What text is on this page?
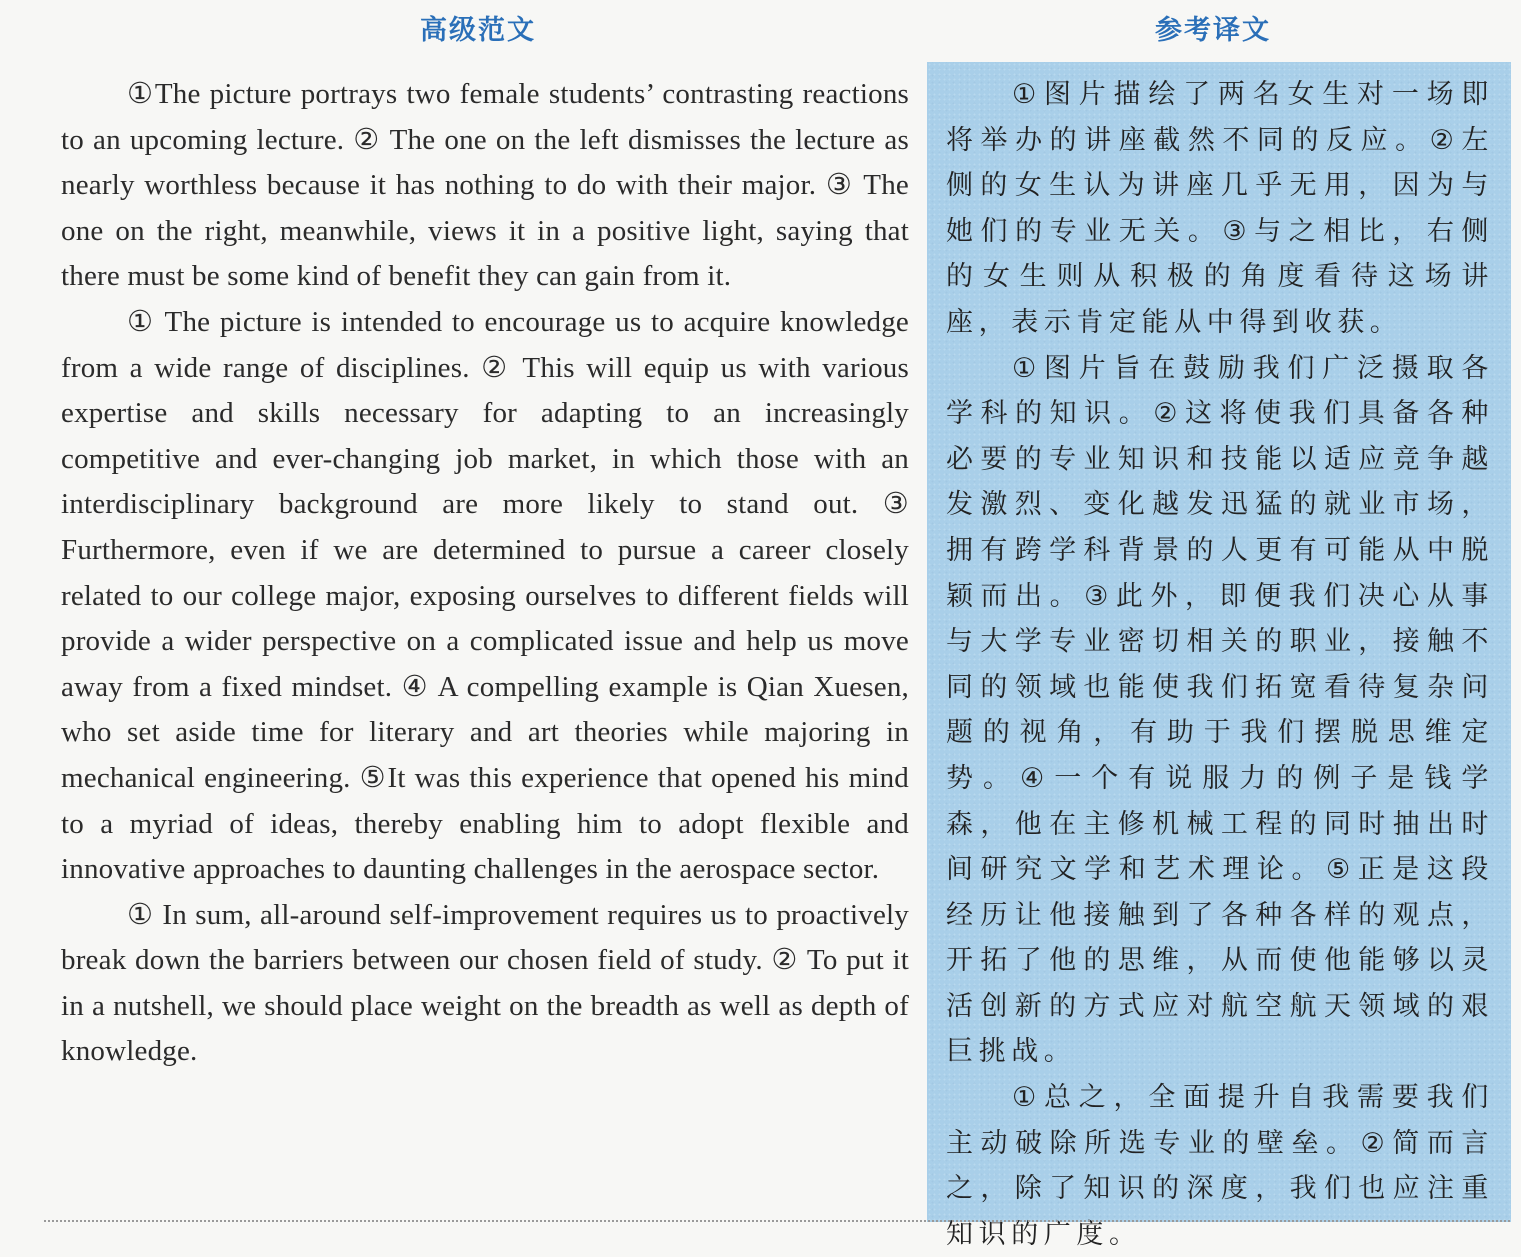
高级范文	参考译文

①The picture portrays two female students’ contrasting reactions to an upcoming lecture. ② The one on the left dismisses the lecture as nearly worthless because it has nothing to do with their major. ③ The one on the right, meanwhile, views it in a positive light, saying that there must be some kind of benefit they can gain from it.

① The picture is intended to encourage us to acquire knowledge from a wide range of disciplines. ② This will equip us with various expertise and skills necessary for adapting to an increasingly competitive and ever-changing job market, in which those with an interdisciplinary background are more likely to stand out. ③ Furthermore, even if we are determined to pursue a career closely related to our college major, exposing ourselves to different fields will provide a wider perspective on a complicated issue and help us move away from a fixed mindset. ④ A compelling example is Qian Xuesen, who set aside time for literary and art theories while majoring in mechanical engineering. ⑤It was this experience that opened his mind to a myriad of ideas, thereby enabling him to adopt flexible and innovative approaches to daunting challenges in the aerospace sector.

① In sum, all-around self-improvement requires us to proactively break down the barriers between our chosen field of study. ② To put it in a nutshell, we should place weight on the breadth as well as depth of knowledge.

①图片描绘了两名女生对一场即将举办的讲座截然不同的反应。②左侧的女生认为讲座几乎无用，因为与她们的专业无关。③与之相比，右侧的女生则从积极的角度看待这场讲座，表示肯定能从中得到收获。

①图片旨在鼓励我们广泛摄取各学科的知识。②这将使我们具备各种必要的专业知识和技能以适应竞争越发激烈、变化越发迅猛的就业市场，拥有跨学科背景的人更有可能从中脱颖而出。③此外，即便我们决心从事与大学专业密切相关的职业，接触不同的领域也能使我们拓宽看待复杂问题的视角，有助于我们摆脱思维定势。④一个有说服力的例子是钱学森，他在主修机械工程的同时抽出时间研究文学和艺术理论。⑤正是这段经历让他接触到了各种各样的观点，开拓了他的思维，从而使他能够以灵活创新的方式应对航空航天领域的艰巨挑战。

①总之，全面提升自我需要我们主动破除所选专业的壁垒。②简而言之，除了知识的深度，我们也应注重知识的广度。
